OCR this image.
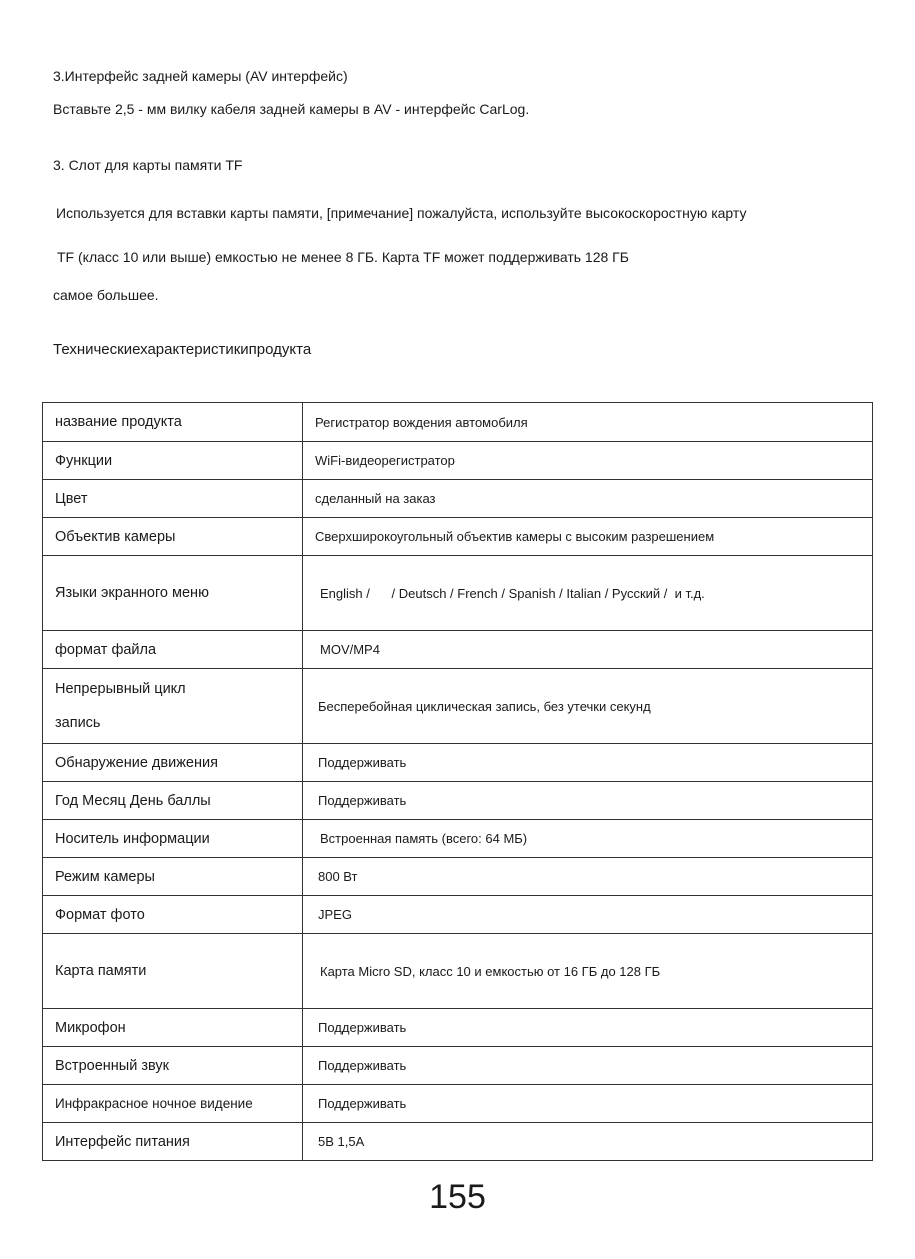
3.Интерфейс задней камеры (AV интерфейс)
Вставьте 2,5 - мм вилку кабеля задней камеры в AV - интерфейс CarLog.
3. Слот для карты памяти TF
Используется для вставки карты памяти, [примечание] пожалуйста, используйте высокоскоростную карту
TF (класс 10 или выше) емкостью не менее 8 ГБ. Карта TF может поддерживать 128 ГБ
самое большее.
Техническиехарактеристикипродукта
название продукта	Регистратор вождения автомобиля
Функции	WiFi-видеорегистратор
Цвет	сделанный на заказ
Объектив камеры	Сверхширокоугольный объектив камеры с высоким разрешением
Языки экранного меню	English /      / Deutsch / French / Spanish / Italian / Русский /  и т.д.
формат файла	MOV/MP4

Непрерывный цикл
запись	Бесперебойная циклическая запись, без утечки секунд
Обнаружение движения	Поддерживать
Год Месяц День баллы	Поддерживать
Носитель информации	Встроенная память (всего: 64 МБ)
Режим камеры	800 Вт
Формат фото	JPEG
Карта памяти	Карта Micro SD, класс 10 и емкостью от 16 ГБ до 128 ГБ
Микрофон	Поддерживать
Встроенный звук	Поддерживать
Инфракрасное ночное видение	Поддерживать
Интерфейс питания	5В 1,5А
155
